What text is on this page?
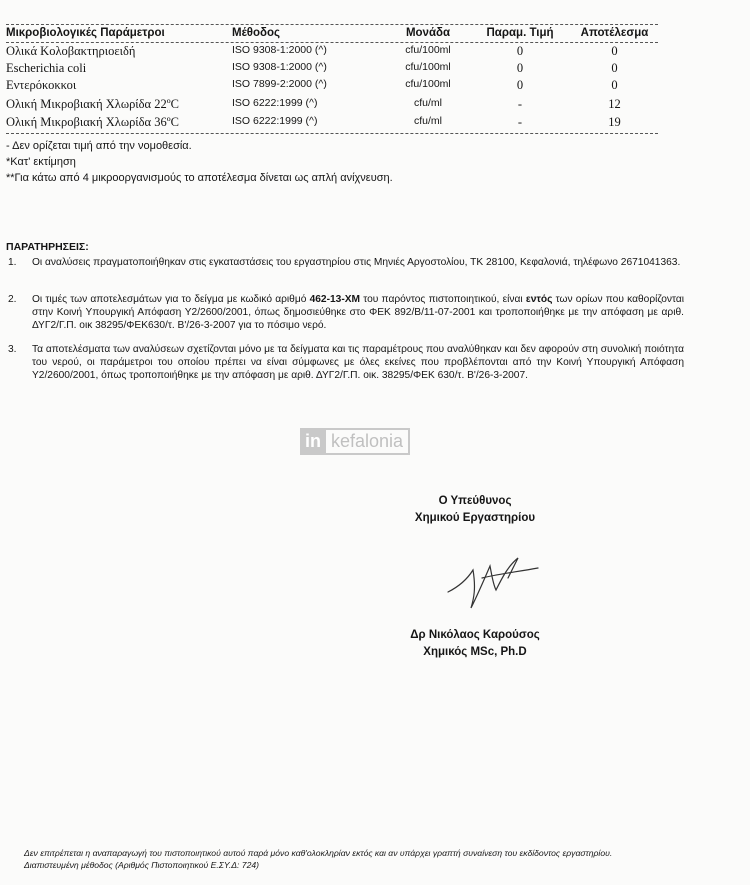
Μικροβιολογικές Παράμετροι	Μέθοδος	Μονάδα	Παραμ. Τιμή	Αποτέλεσμα
Ολικά Κολοβακτηριοειδή	ISO 9308-1:2000 (^)	cfu/100ml	0	0
Escherichia coli	ISO 9308-1:2000 (^)	cfu/100ml	0	0
Εντερόκοκκοι	ISO 7899-2:2000 (^)	cfu/100ml	0	0
Ολική Μικροβιακή Χλωρίδα 22ºC	ISO 6222:1999 (^)	cfu/ml	-	12
Ολική Μικροβιακή Χλωρίδα 36ºC	ISO 6222:1999 (^)	cfu/ml	-	19
- Δεν ορίζεται τιμή από την νομοθεσία.
*Κατ' εκτίμηση
**Για κάτω από 4 μικροοργανισμούς το αποτέλεσμα δίνεται ως απλή ανίχνευση.
ΠΑΡΑΤΗΡΗΣΕΙΣ:
1. Οι αναλύσεις πραγματοποιήθηκαν στις εγκαταστάσεις του εργαστηρίου στις Μηνιές Αργοστολίου, ΤΚ 28100, Κεφαλονιά, τηλέφωνο 2671041363.
2. Οι τιμές των αποτελεσμάτων για το δείγμα με κωδικό αριθμό 462-13-ΧΜ του παρόντος πιστοποιητικού, είναι εντός των ορίων που καθορίζονται στην Κοινή Υπουργική Απόφαση Υ2/2600/2001, όπως δημοσιεύθηκε στο ΦΕΚ 892/Β/11-07-2001 και τροποποιήθηκε με την απόφαση με αριθ. ΔΥΓ2/Γ.Π. οικ 38295/ΦΕΚ630/τ. Β'/26-3-2007 για το πόσιμο νερό.
3. Τα αποτελέσματα των αναλύσεων σχετίζονται μόνο με τα δείγματα και τις παραμέτρους που αναλύθηκαν και δεν αφορούν στη συνολική ποιότητα του νερού, οι παράμετροι του οποίου πρέπει να είναι σύμφωνες με όλες εκείνες που προβλέπονται από την Κοινή Υπουργική Απόφαση Υ2/2600/2001, όπως τροποποιήθηκε με την απόφαση με αριθ. ΔΥΓ2/Γ.Π. οικ. 38295/ΦΕΚ 630/τ. Β'/26-3-2007.
in kefalonia
Ο Υπεύθυνος
Χημικού Εργαστηρίου
Δρ Νικόλαος Καρούσος
Χημικός MSc, Ph.D
Δεν επιτρέπεται η αναπαραγωγή του πιστοποιητικού αυτού παρά μόνο καθ'ολοκληρίαν εκτός και αν υπάρχει γραπτή συναίνεση του εκδίδοντος εργαστηρίου.
Διαπιστευμένη μέθοδος (Αριθμός Πιστοποιητικού Ε.ΣΥ.Δ: 724)
